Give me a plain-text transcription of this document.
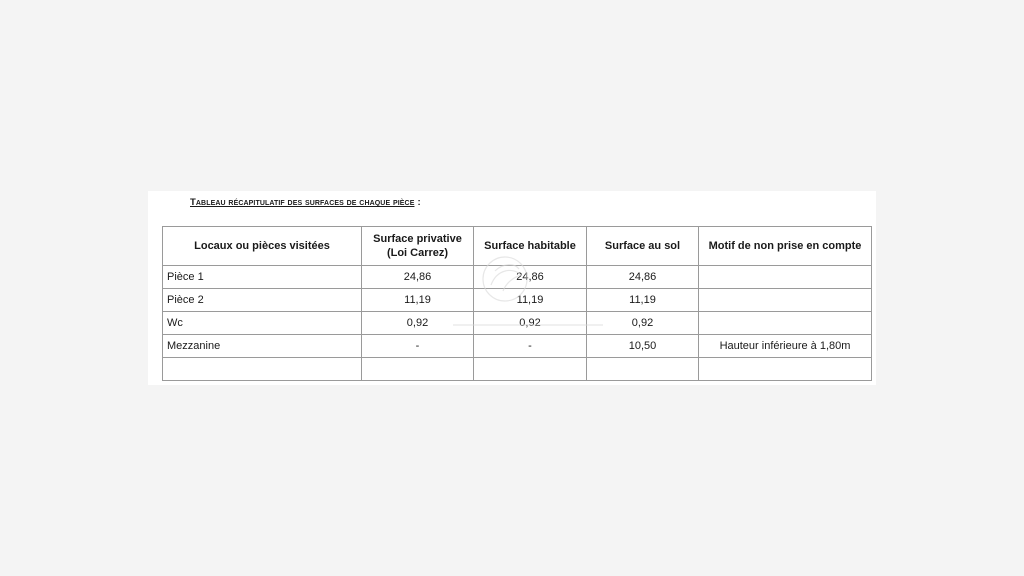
Tableau récapitulatif des surfaces de chaque pièce :
Locaux ou pièces visitées	Surface privative (Loi Carrez)	Surface habitable	Surface au sol	Motif de non prise en compte
Pièce 1	24,86	24,86	24,86	
Pièce 2	11,19	11,19	11,19	
Wc	0,92	0,92	0,92	
Mezzanine	-	-	10,50	Hauteur inférieure à 1,80m
